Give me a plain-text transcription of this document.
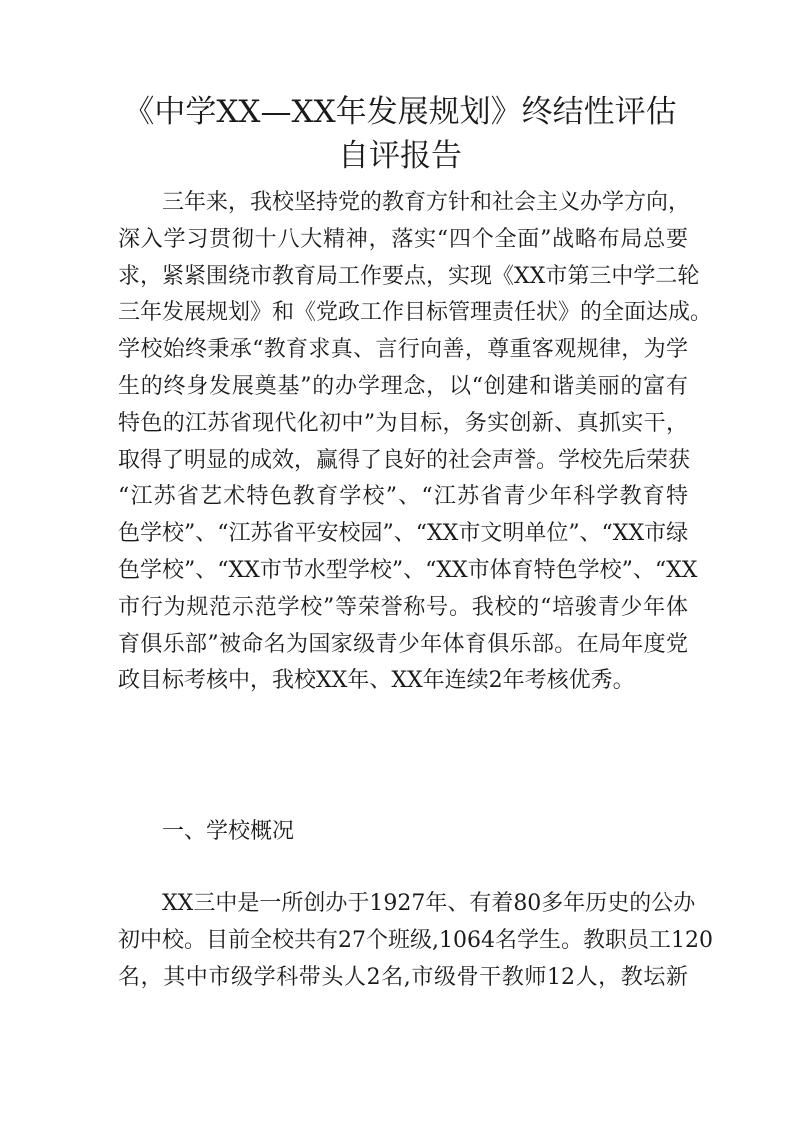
《中学XX—XX年发展规划》终结性评估
自评报告
三年来，我校坚持党的教育方针和社会主义办学方向，
深入学习贯彻十八大精神，落实“四个全面”战略布局总要
求，紧紧围绕市教育局工作要点，实现《XX市第三中学二轮
三年发展规划》和《党政工作目标管理责任状》的全面达成。
学校始终秉承“教育求真、言行向善，尊重客观规律，为学
生的终身发展奠基”的办学理念，以“创建和谐美丽的富有
特色的江苏省现代化初中”为目标，务实创新、真抓实干，
取得了明显的成效，赢得了良好的社会声誉。学校先后荣获
“江苏省艺术特色教育学校”、“江苏省青少年科学教育特
色学校”、“江苏省平安校园”、“XX市文明单位”、“XX市绿
色学校”、“XX市节水型学校”、“XX市体育特色学校”、“XX
市行为规范示范学校”等荣誉称号。我校的“培骏青少年体
育俱乐部”被命名为国家级青少年体育俱乐部。在局年度党
政目标考核中，我校XX年、XX年连续2年考核优秀。
一、学校概况
XX三中是一所创办于1927年、有着80多年历史的公办
初中校。目前全校共有27个班级,1064名学生。教职员工120
名，其中市级学科带头人2名,市级骨干教师12人，教坛新
